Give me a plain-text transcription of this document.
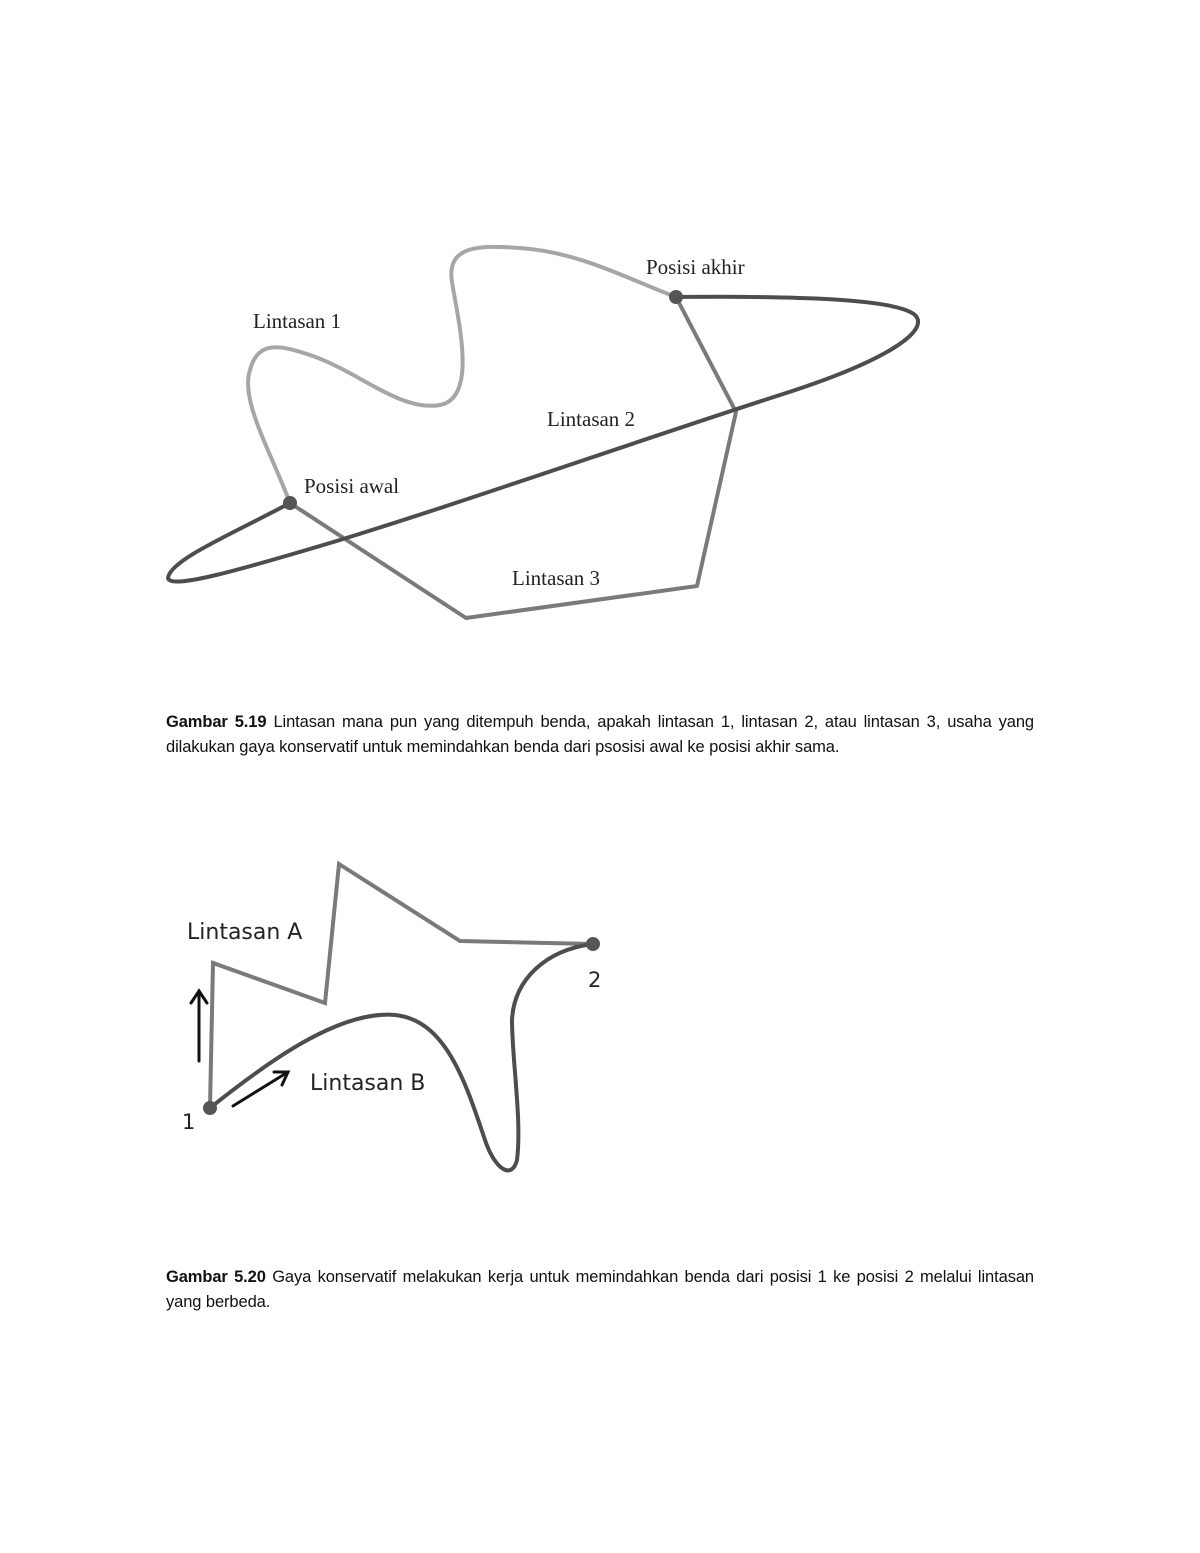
Lintasan 1
Posisi akhir
Lintasan 2
Posisi awal
Lintasan 3

Gambar 5.19 Lintasan mana pun yang ditempuh benda, apakah lintasan 1, lintasan 2, atau lintasan 3, usaha yang dilakukan gaya konservatif untuk memindahkan benda dari psosisi awal ke posisi akhir sama.

Lintasan A
Lintasan B
1
2

Gambar 5.20 Gaya konservatif melakukan kerja untuk memindahkan benda dari posisi 1 ke posisi 2 melalui lintasan yang berbeda.
